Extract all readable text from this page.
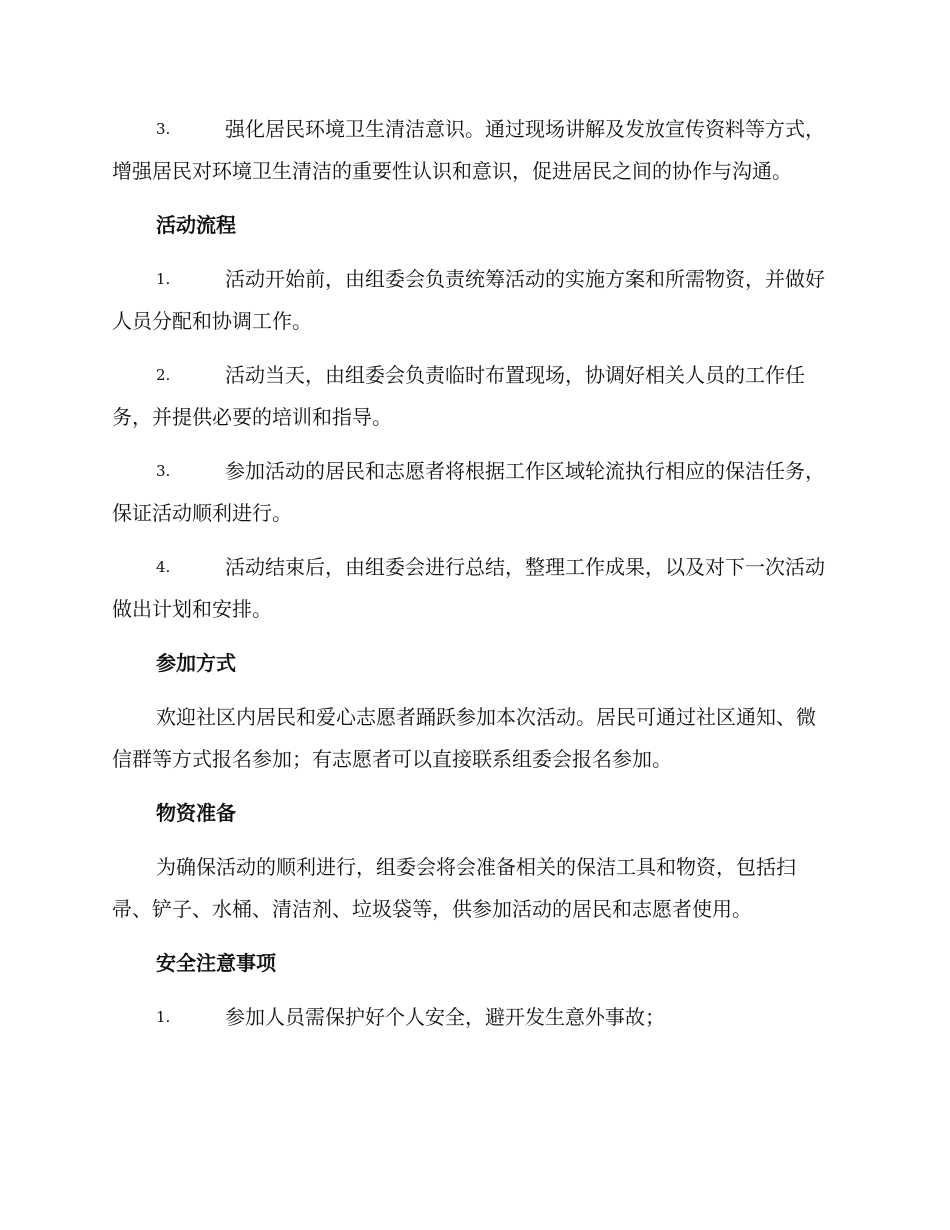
3.	强化居民环境卫生清洁意识。通过现场讲解及发放宣传资料等方式，增强居民对环境卫生清洁的重要性认识和意识，促进居民之间的协作与沟通。
活动流程
1.	活动开始前，由组委会负责统筹活动的实施方案和所需物资，并做好人员分配和协调工作。
2.	活动当天，由组委会负责临时布置现场，协调好相关人员的工作任务，并提供必要的培训和指导。
3.	参加活动的居民和志愿者将根据工作区域轮流执行相应的保洁任务，保证活动顺利进行。
4.	活动结束后，由组委会进行总结，整理工作成果，以及对下一次活动做出计划和安排。
参加方式
欢迎社区内居民和爱心志愿者踊跃参加本次活动。居民可通过社区通知、微信群等方式报名参加；有志愿者可以直接联系组委会报名参加。
物资准备
为确保活动的顺利进行，组委会将会准备相关的保洁工具和物资，包括扫帚、铲子、水桶、清洁剂、垃圾袋等，供参加活动的居民和志愿者使用。
安全注意事项
1.	参加人员需保护好个人安全，避开发生意外事故；
